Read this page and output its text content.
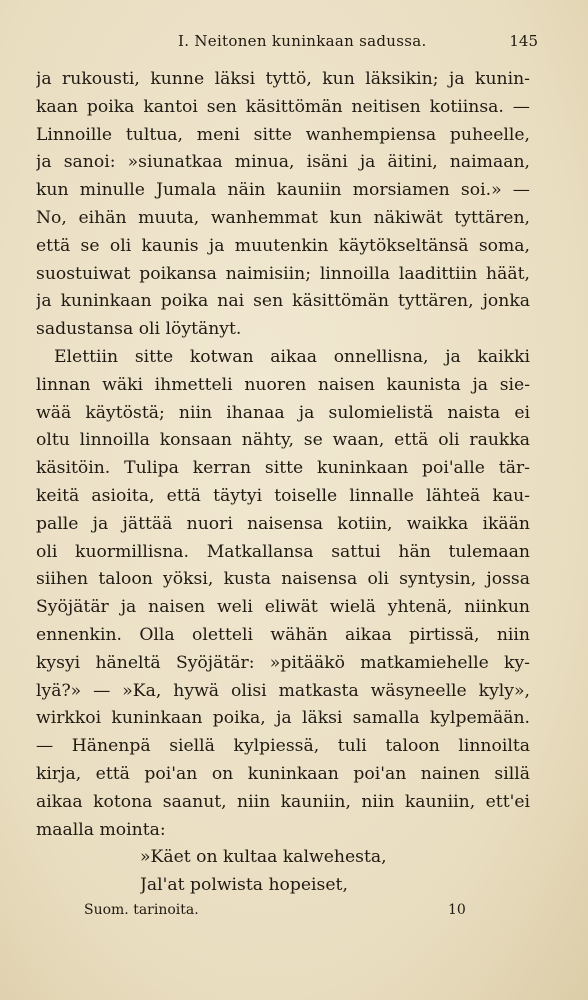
I. Neitonen kuninkaan sadussa.	145
ja rukousti, kunne läksi tyttö, kun läksikin; ja kunin-
kaan poika kantoi sen käsittömän neitisen kotiinsa. —
Linnoille tultua, meni sitte wanhempiensa puheelle,
ja sanoi: »siunatkaa minua, isäni ja äitini, naimaan,
kun minulle Jumala näin kauniin morsiamen soi.» —
No, eihän muuta, wanhemmat kun näkiwät tyttären,
että se oli kaunis ja muutenkin käytökseltänsä soma,
suostuiwat poikansa naimisiin; linnoilla laadittiin häät,
ja kuninkaan poika nai sen käsittömän tyttären, jonka
sadustansa oli löytänyt.
Elettiin sitte kotwan aikaa onnellisna, ja kaikki
linnan wäki ihmetteli nuoren naisen kaunista ja sie-
wää käytöstä; niin ihanaa ja sulomielistä naista ei
oltu linnoilla konsaan nähty, se waan, että oli raukka
käsitöin. Tulipa kerran sitte kuninkaan poi'alle tär-
keitä asioita, että täytyi toiselle linnalle lähteä kau-
palle ja jättää nuori naisensa kotiin, waikka ikään
oli kuormillisna. Matkallansa sattui hän tulemaan
siihen taloon yöksi, kusta naisensa oli syntysin, jossa
Syöjätär ja naisen weli eliwät wielä yhtenä, niinkun
ennenkin. Olla oletteli wähän aikaa pirtissä, niin
kysyi häneltä Syöjätär: »pitääkö matkamiehelle ky-
lyä?» — »Ka, hywä olisi matkasta wäsyneelle kyly»,
wirkkoi kuninkaan poika, ja läksi samalla kylpemään.
— Hänenpä siellä kylpiessä, tuli taloon linnoilta
kirja, että poi'an on kuninkaan poi'an nainen sillä
aikaa kotona saanut, niin kauniin, niin kauniin, ett'ei
maalla mointa:
»Käet on kultaa kalwehesta,
Jal'at polwista hopeiset,
Suom. tarinoita.	10
